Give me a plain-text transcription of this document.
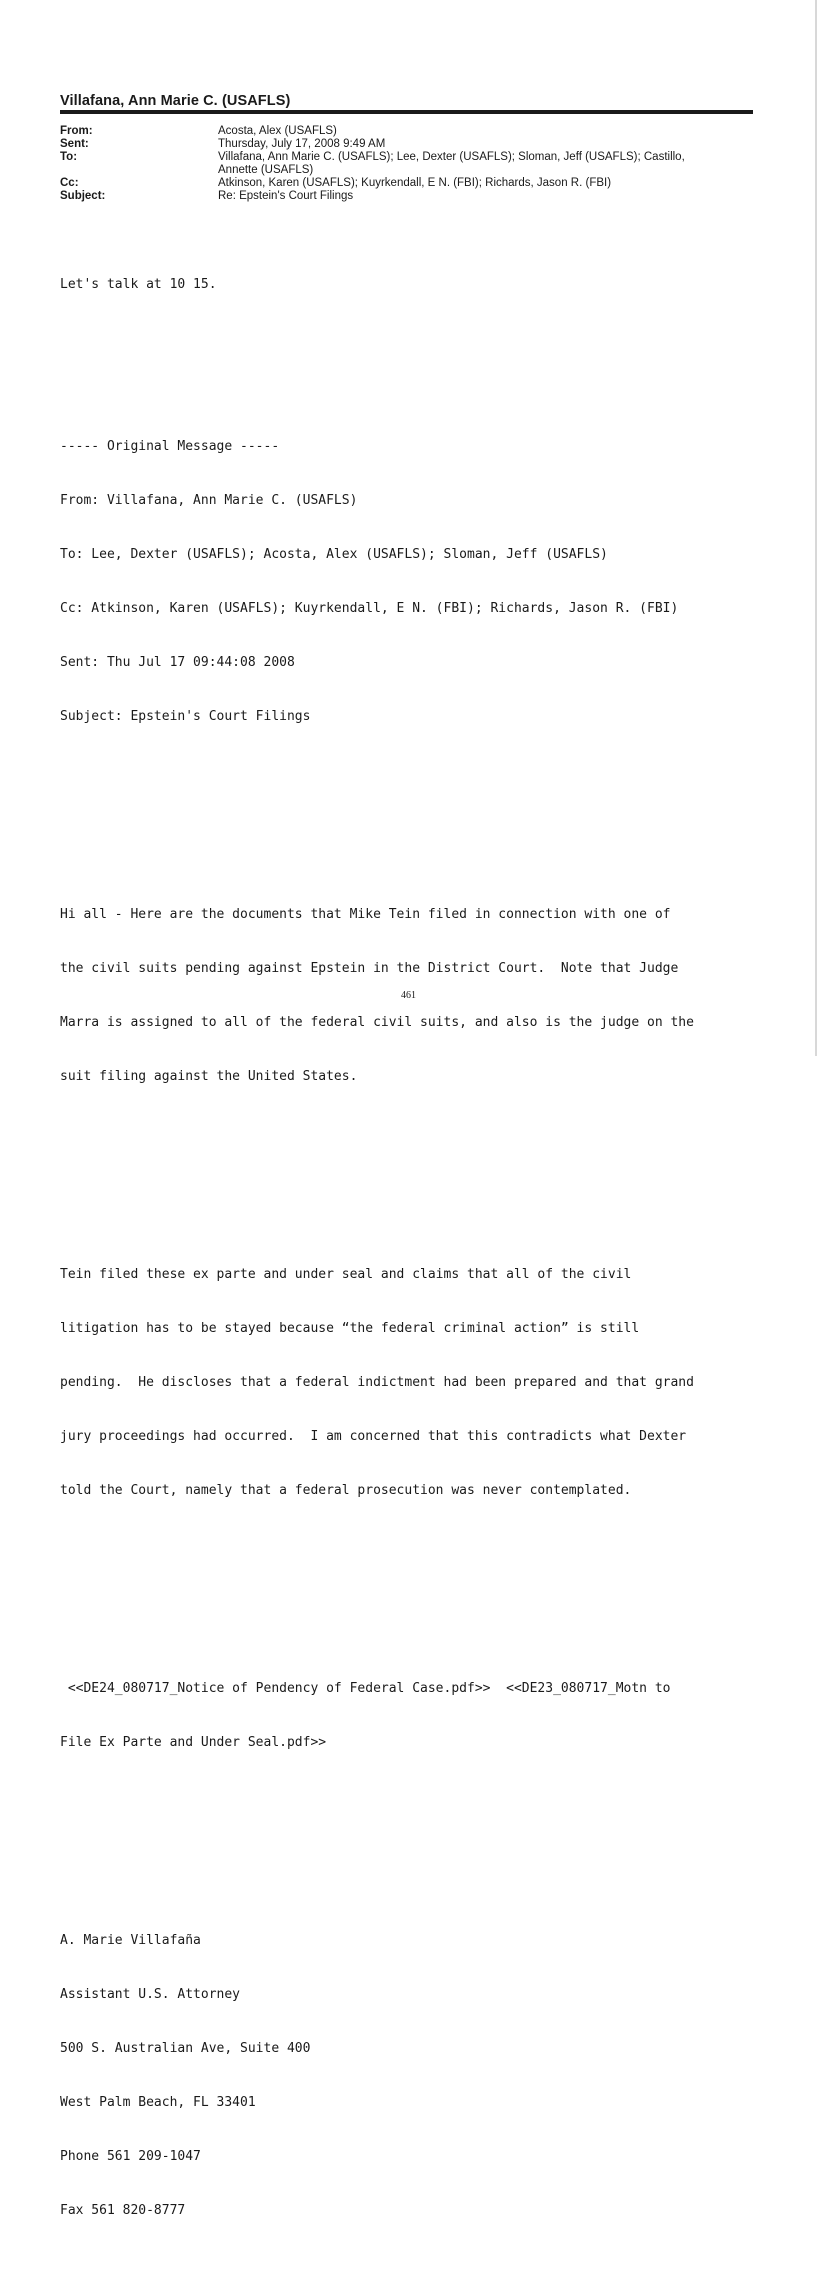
Villafana, Ann Marie C. (USAFLS)
From:	Acosta, Alex (USAFLS)
Sent:	Thursday, July 17, 2008 9:49 AM
To:	Villafana, Ann Marie C. (USAFLS); Lee, Dexter (USAFLS); Sloman, Jeff (USAFLS); Castillo,
Annette (USAFLS)
Cc:	Atkinson, Karen (USAFLS); Kuyrkendall, E N. (FBI); Richards, Jason R. (FBI)
Subject:	Re: Epstein's Court Filings

Let's talk at 10 15.

----- Original Message -----

From: Villafana, Ann Marie C. (USAFLS)

To: Lee, Dexter (USAFLS); Acosta, Alex (USAFLS); Sloman, Jeff (USAFLS)

Cc: Atkinson, Karen (USAFLS); Kuyrkendall, E N. (FBI); Richards, Jason R. (FBI)

Sent: Thu Jul 17 09:44:08 2008

Subject: Epstein's Court Filings

Hi all - Here are the documents that Mike Tein filed in connection with one of

the civil suits pending against Epstein in the District Court.  Note that Judge

Marra is assigned to all of the federal civil suits, and also is the judge on the

suit filing against the United States.

Tein filed these ex parte and under seal and claims that all of the civil

litigation has to be stayed because “the federal criminal action” is still

pending.  He discloses that a federal indictment had been prepared and that grand

jury proceedings had occurred.  I am concerned that this contradicts what Dexter

told the Court, namely that a federal prosecution was never contemplated.

<<DE24_080717_Notice of Pendency of Federal Case.pdf>>  <<DE23_080717_Motn to

File Ex Parte and Under Seal.pdf>>

A. Marie Villafaña

Assistant U.S. Attorney

500 S. Australian Ave, Suite 400

West Palm Beach, FL 33401

Phone 561 209-1047

Fax 561 820-8777

461
